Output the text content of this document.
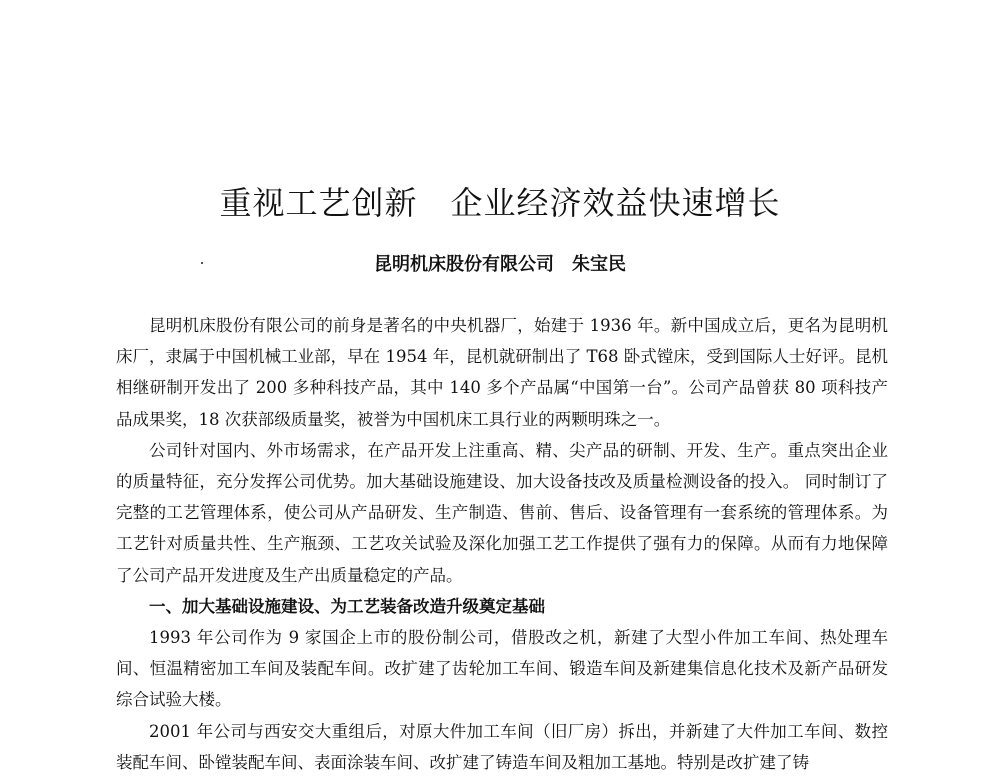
重视工艺创新　企业经济效益快速增长
昆明机床股份有限公司　朱宝民

昆明机床股份有限公司的前身是著名的中央机器厂，始建于 1936 年。新中国成立后，更名为昆明机床厂，隶属于中国机械工业部，早在 1954 年，昆机就研制出了 T68 卧式镗床，受到国际人士好评。昆机相继研制开发出了 200 多种科技产品，其中 140 多个产品属“中国第一台”。公司产品曾获 80 项科技产品成果奖，18 次获部级质量奖，被誉为中国机床工具行业的两颗明珠之一。

公司针对国内、外市场需求，在产品开发上注重高、精、尖产品的研制、开发、生产。重点突出企业的质量特征，充分发挥公司优势。加大基础设施建设、加大设备技改及质量检测设备的投入。 同时制订了完整的工艺管理体系，使公司从产品研发、生产制造、售前、售后、设备管理有一套系统的管理体系。为工艺针对质量共性、生产瓶颈、工艺攻关试验及深化加强工艺工作提供了强有力的保障。从而有力地保障了公司产品开发进度及生产出质量稳定的产品。

一、加大基础设施建设、为工艺装备改造升级奠定基础

1993 年公司作为 9 家国企上市的股份制公司，借股改之机，新建了大型小件加工车间、热处理车间、恒温精密加工车间及装配车间。改扩建了齿轮加工车间、锻造车间及新建集信息化技术及新产品研发综合试验大楼。

2001 年公司与西安交大重组后，对原大件加工车间（旧厂房）拆出，并新建了大件加工车间、数控装配车间、卧镗装配车间、表面涂装车间、改扩建了铸造车间及粗加工基地。特别是改扩建了铸
